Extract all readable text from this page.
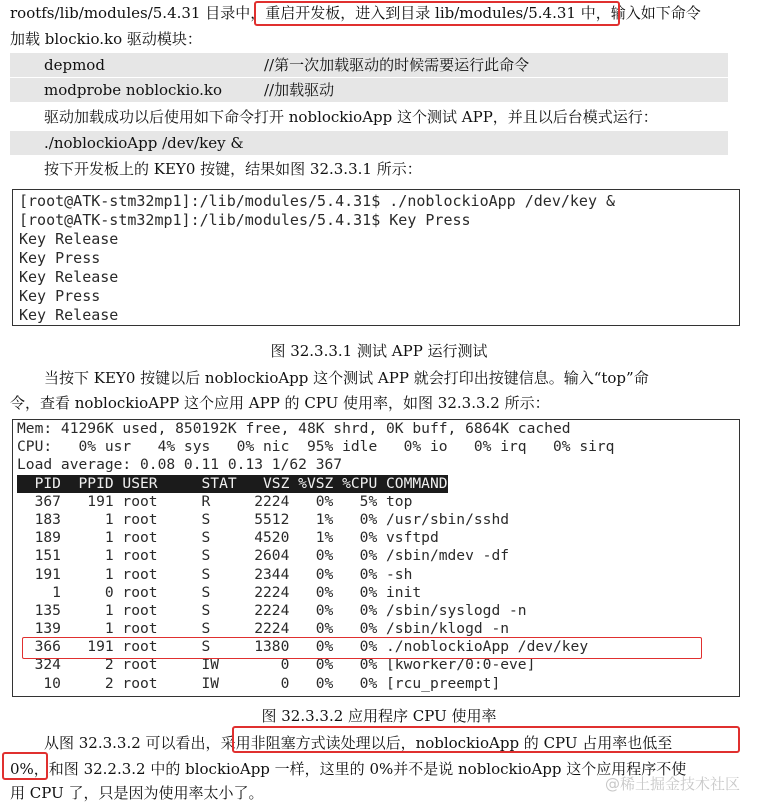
rootfs/lib/modules/5.4.31 目录中，重启开发板，进入到目录 lib/modules/5.4.31 中，输入如下命令
加载 blockio.ko 驱动模块：
depmod	//第一次加载驱动的时候需要运行此命令
modprobe noblockio.ko	//加载驱动
驱动加载成功以后使用如下命令打开 noblockioApp 这个测试 APP，并且以后台模式运行：
./noblockioApp /dev/key &
按下开发板上的 KEY0 按键，结果如图 32.3.3.1 所示：
[root@ATK-stm32mp1]:/lib/modules/5.4.31$ ./noblockioApp /dev/key &
[root@ATK-stm32mp1]:/lib/modules/5.4.31$ Key Press
Key Release
Key Press
Key Release
Key Press
Key Release
图 32.3.3.1 测试 APP 运行测试
当按下 KEY0 按键以后 noblockioApp 这个测试 APP 就会打印出按键信息。输入“top”命
令，查看 noblockioAPP 这个应用 APP 的 CPU 使用率，如图 32.3.3.2 所示：
Mem: 41296K used, 850192K free, 48K shrd, 0K buff, 6864K cached
CPU:   0% usr   4% sys   0% nic  95% idle   0% io   0% irq   0% sirq
Load average: 0.08 0.11 0.13 1/62 367
PID  PPID USER     STAT   VSZ %VSZ %CPU COMMAND
367   191 root     R     2224   0%   5% top
183     1 root     S     5512   1%   0% /usr/sbin/sshd
189     1 root     S     4520   1%   0% vsftpd
151     1 root     S     2604   0%   0% /sbin/mdev -df
191     1 root     S     2344   0%   0% -sh
1     0 root     S     2224   0%   0% init
135     1 root     S     2224   0%   0% /sbin/syslogd -n
139     1 root     S     2224   0%   0% /sbin/klogd -n
366   191 root     S     1380   0%   0% ./noblockioApp /dev/key
324     2 root     IW       0   0%   0% [kworker/0:0-eve]
10     2 root     IW       0   0%   0% [rcu_preempt]
图 32.3.3.2 应用程序 CPU 使用率
从图 32.3.3.2 可以看出，采用非阻塞方式读处理以后，noblockioApp 的 CPU 占用率也低至
0%，和图 32.2.3.2 中的 blockioApp 一样，这里的 0%并不是说 noblockioApp 这个应用程序不使
用 CPU 了，只是因为使用率太小了。	@稀土掘金技术社区
